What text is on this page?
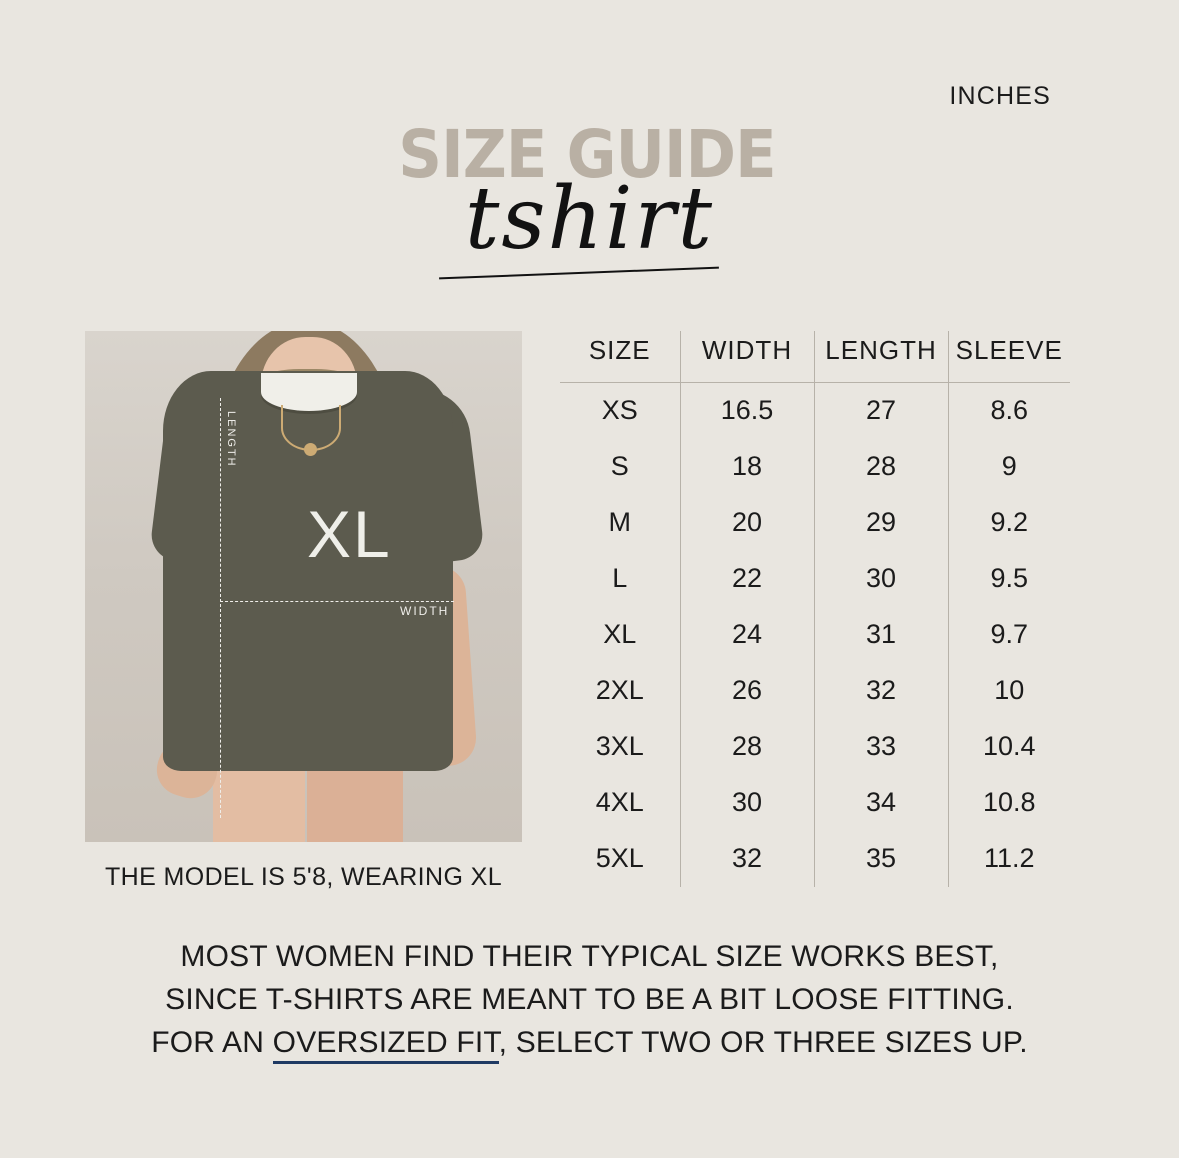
INCHES
SIZE GUIDE
tshirt
LENGTH
WIDTH
XL
THE MODEL IS 5'8, WEARING XL
SIZE	WIDTH	LENGTH	SLEEVE
XS	16.5	27	8.6
S	18	28	9
M	20	29	9.2
L	22	30	9.5
XL	24	31	9.7
2XL	26	32	10
3XL	28	33	10.4
4XL	30	34	10.8
5XL	32	35	11.2
MOST WOMEN FIND THEIR TYPICAL SIZE WORKS BEST,
SINCE T-SHIRTS ARE MEANT TO BE A BIT LOOSE FITTING.
FOR AN OVERSIZED FIT, SELECT TWO OR THREE SIZES UP.
